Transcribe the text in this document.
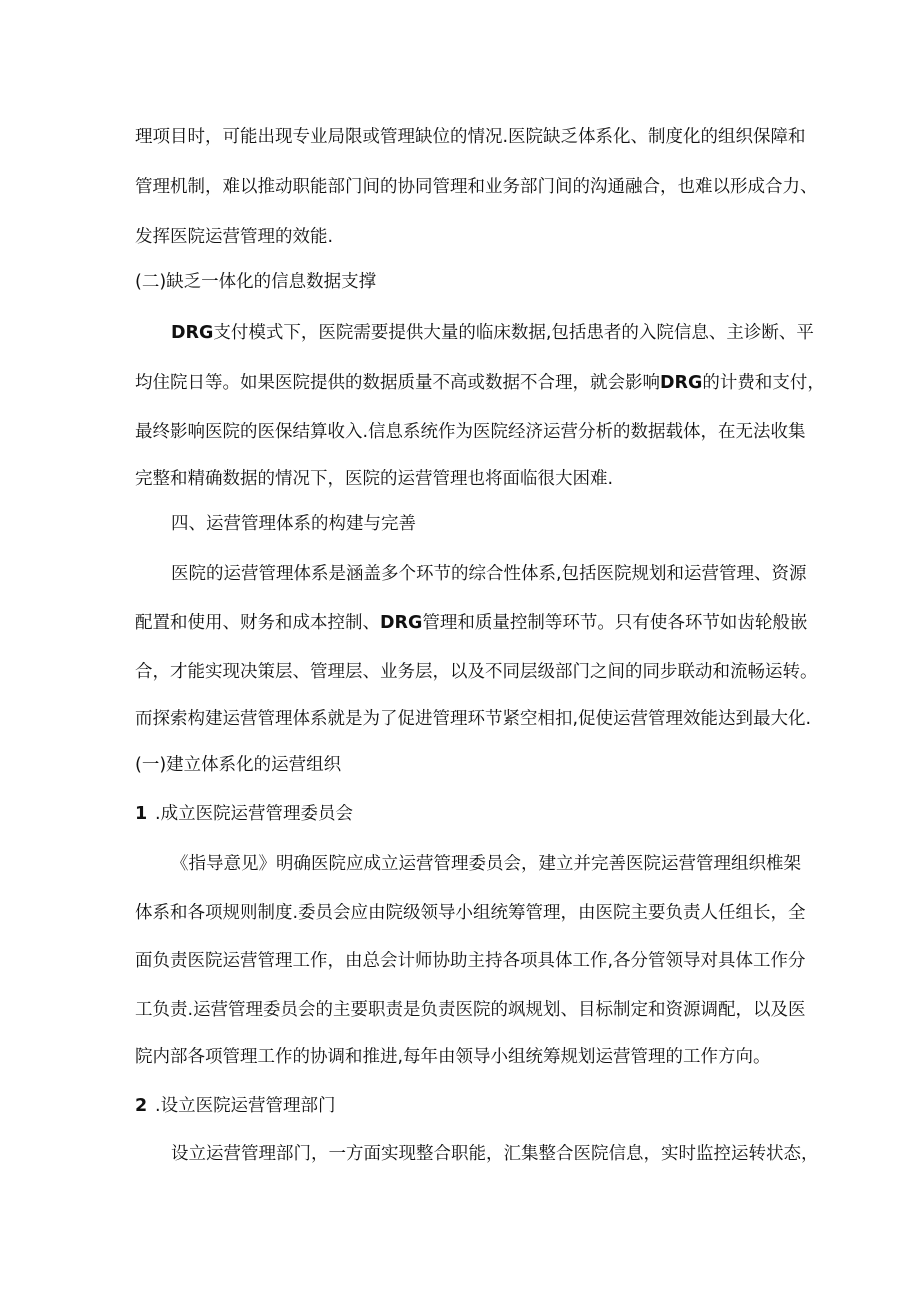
理项目时，可能出现专业局限或管理缺位的情况.医院缺乏体系化、制度化的组织保障和
管理机制，难以推动职能部门间的协同管理和业务部门间的沟通融合，也难以形成合力、
发挥医院运营管理的效能.
(二)缺乏一体化的信息数据支撑
DRG支付模式下，医院需要提供大量的临床数据,包括患者的入院信息、主诊断、平
均住院日等。如果医院提供的数据质量不高或数据不合理，就会影响DRG的计费和支付，
最终影响医院的医保结算收入.信息系统作为医院经济运营分析的数据载体，在无法收集
完整和精确数据的情况下，医院的运营管理也将面临很大困难.
四、运营管理体系的构建与完善
医院的运营管理体系是涵盖多个环节的综合性体系,包括医院规划和运营管理、资源
配置和使用、财务和成本控制、DRG管理和质量控制等环节。只有使各环节如齿轮般嵌
合，才能实现决策层、管理层、业务层，以及不同层级部门之间的同步联动和流畅运转。
而探索构建运营管理体系就是为了促进管理环节紧空相扣,促使运营管理效能达到最大化.
(一)建立体系化的运营组织
1 .成立医院运营管理委员会
《指导意见》明确医院应成立运营管理委员会，建立并完善医院运营管理组织椎架
体系和各项规则制度.委员会应由院级领导小组统筹管理，由医院主要负责人任组长，全
面负责医院运营管理工作，由总会计师协助主持各项具体工作,各分管领导对具体工作分
工负责.运营管理委员会的主要职责是负责医院的飒规划、目标制定和资源调配，以及医
院内部各项管理工作的协调和推进,每年由领导小组统筹规划运营管理的工作方向。
2 .设立医院运营管理部门
设立运营管理部门，一方面实现整合职能，汇集整合医院信息，实时监控运转状态，
